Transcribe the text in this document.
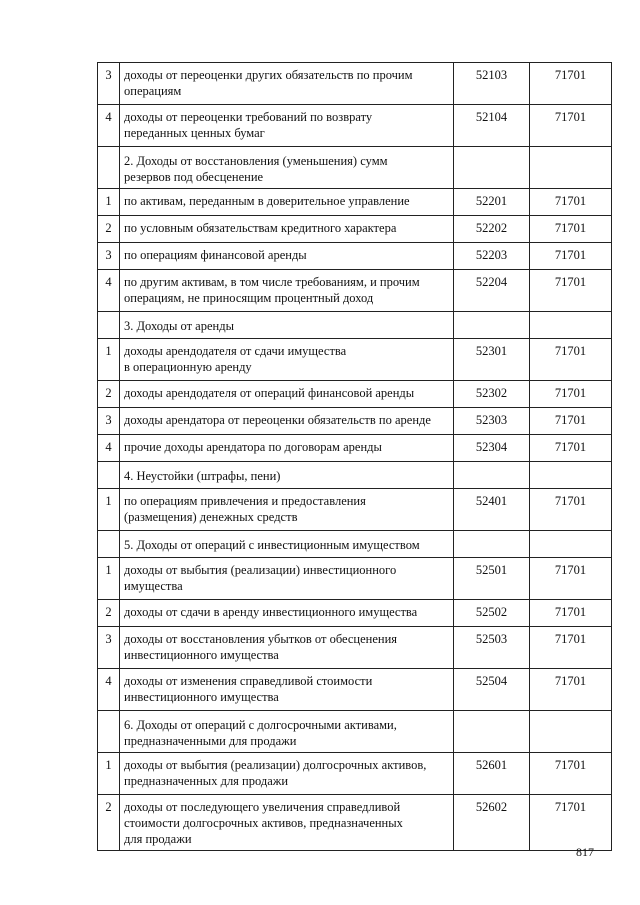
3	доходы от переоценки других обязательств по прочим
операциям	52103	71701
4	доходы от переоценки требований по возврату
переданных ценных бумаг	52104	71701
	2. Доходы от восстановления (уменьшения) сумм
резервов под обесценение		
1	по активам, переданным в доверительное управление	52201	71701
2	по условным обязательствам кредитного характера	52202	71701
3	по операциям финансовой аренды	52203	71701
4	по другим активам, в том числе требованиям, и прочим
операциям, не приносящим процентный доход	52204	71701
	3. Доходы от аренды		
1	доходы арендодателя от сдачи имущества
в операционную аренду	52301	71701
2	доходы арендодателя от операций финансовой аренды	52302	71701
3	доходы арендатора от переоценки обязательств по аренде	52303	71701
4	прочие доходы арендатора по договорам аренды	52304	71701
	4. Неустойки (штрафы, пени)		
1	по операциям привлечения и предоставления
(размещения) денежных средств	52401	71701
	5. Доходы от операций с инвестиционным имуществом		
1	доходы от выбытия (реализации) инвестиционного
имущества	52501	71701
2	доходы от сдачи в аренду инвестиционного имущества	52502	71701
3	доходы от восстановления убытков от обесценения
инвестиционного имущества	52503	71701
4	доходы от изменения справедливой стоимости
инвестиционного имущества	52504	71701
	6. Доходы от операций с долгосрочными активами,
предназначенными для продажи		
1	доходы от выбытия (реализации) долгосрочных активов,
предназначенных для продажи	52601	71701
2	доходы от последующего увеличения справедливой
стоимости долгосрочных активов, предназначенных
для продажи	52602	71701
817
